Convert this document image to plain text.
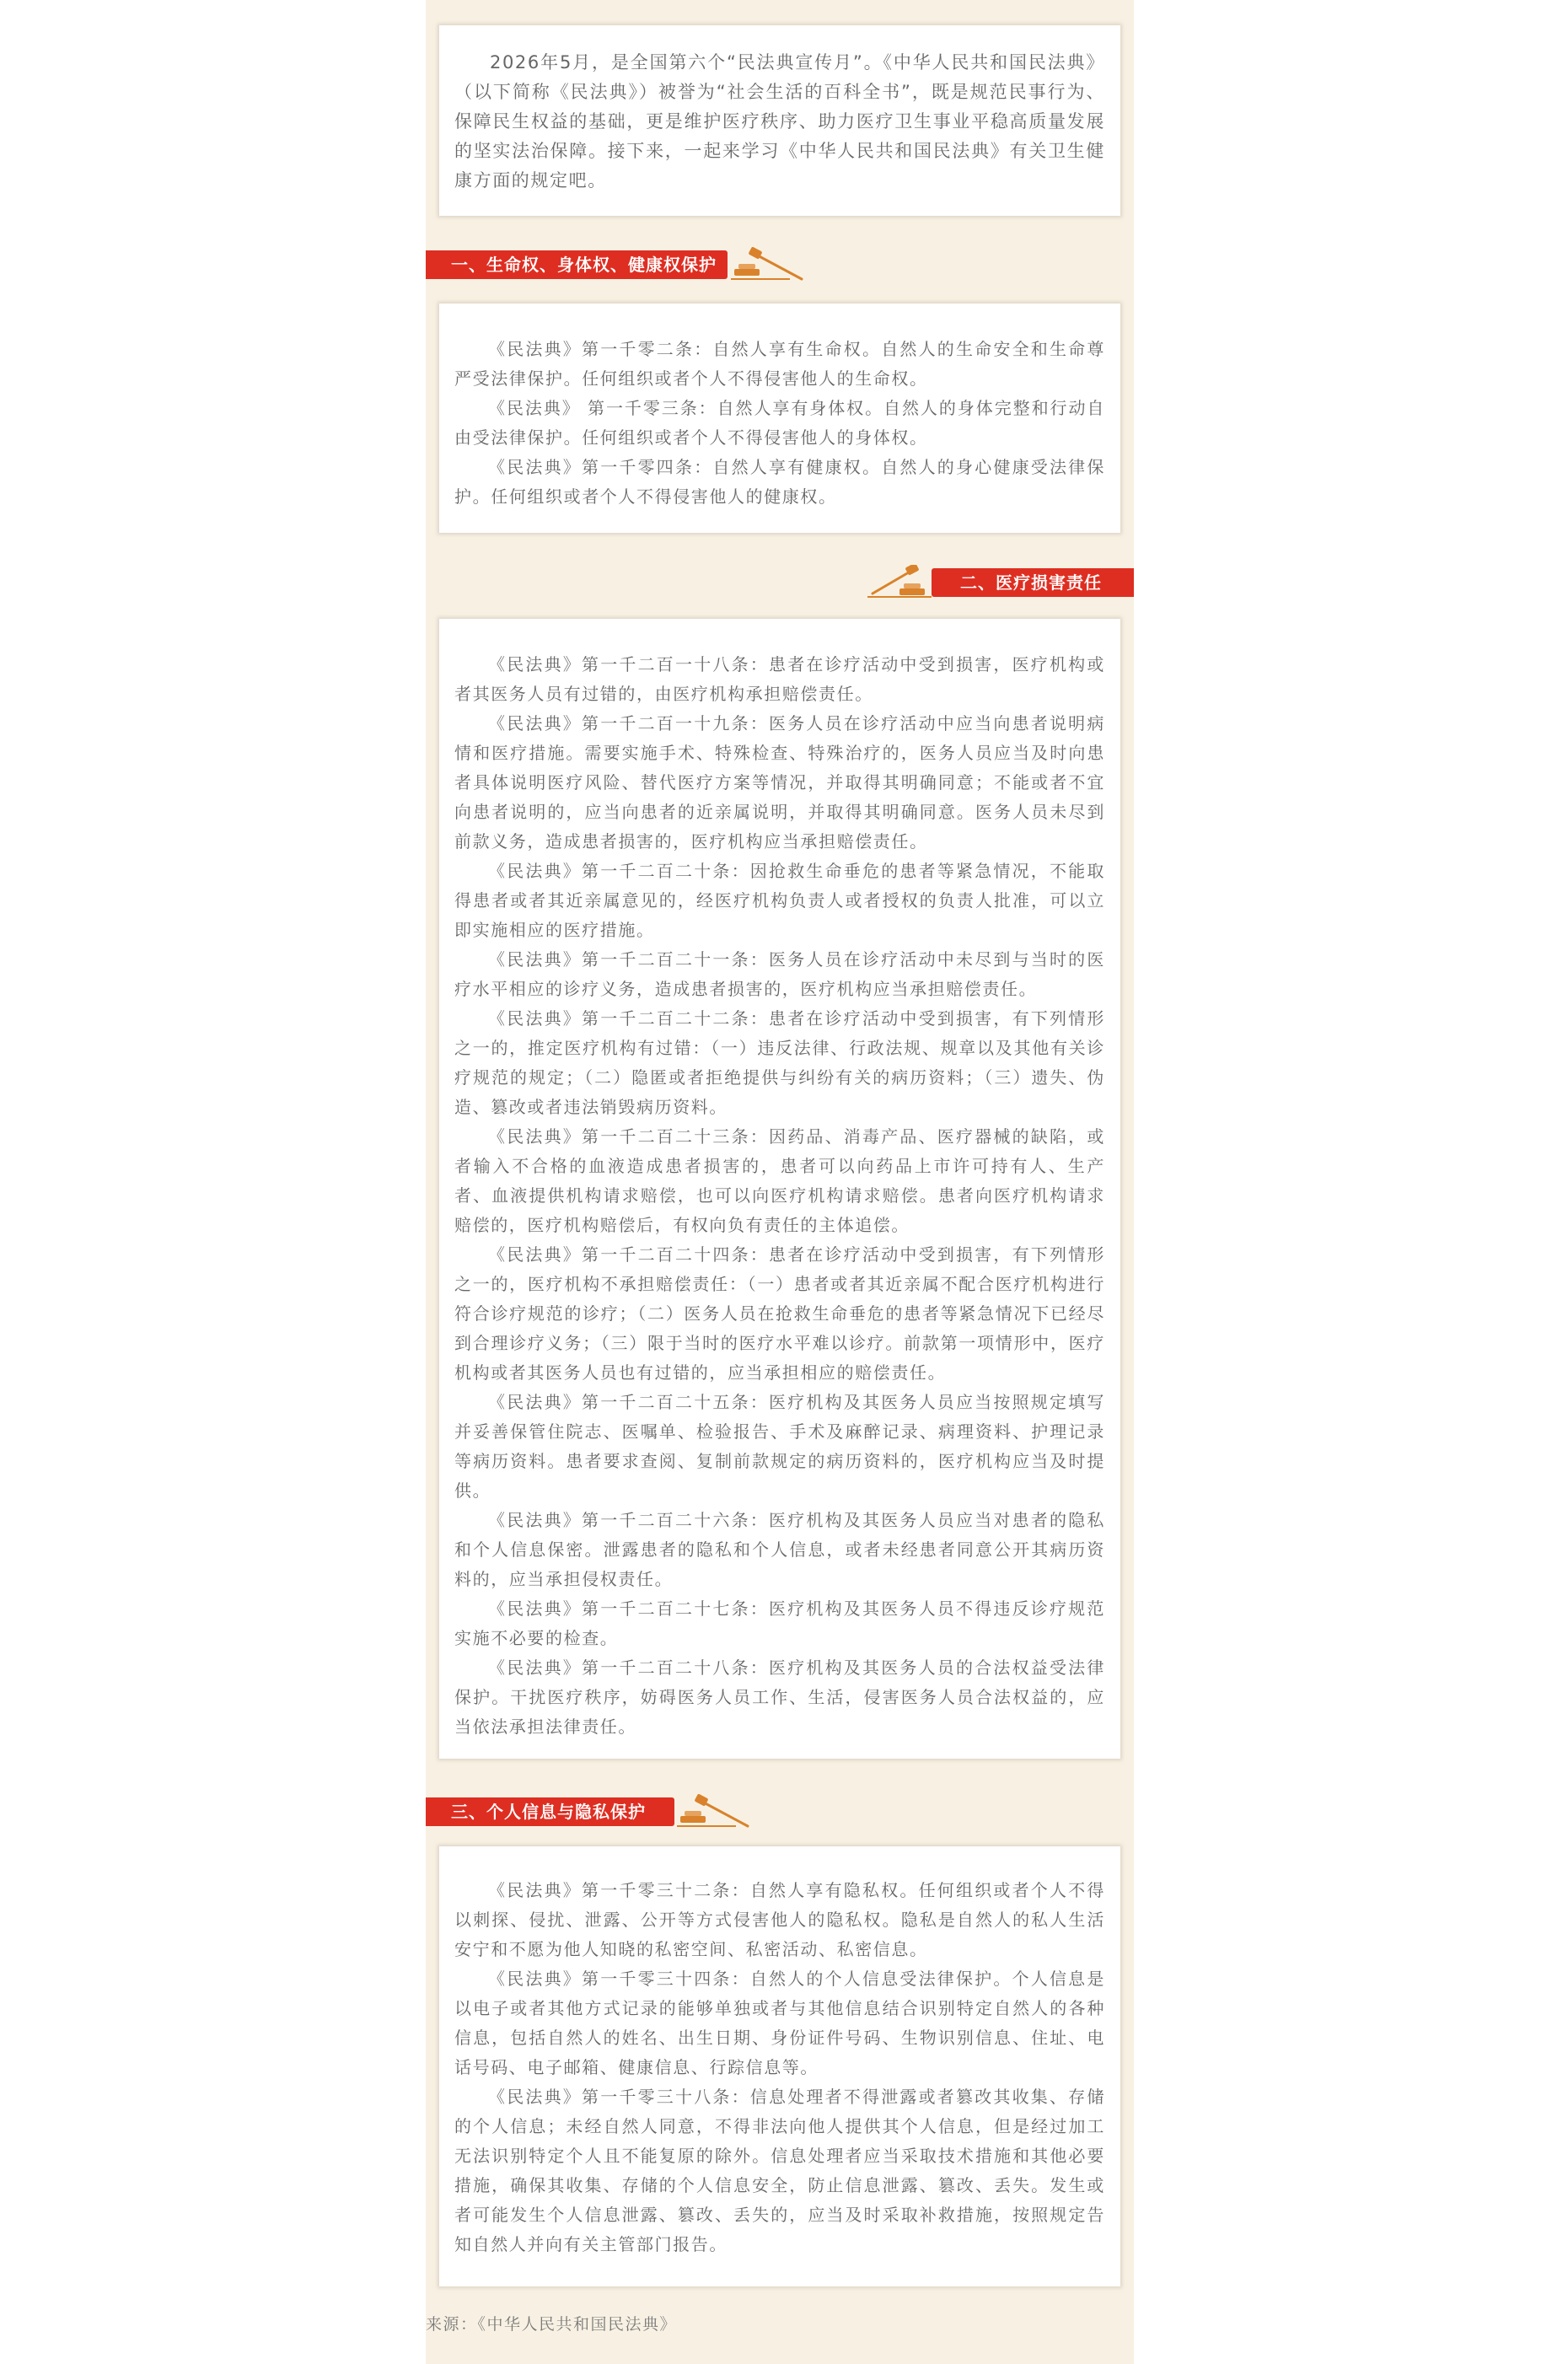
2026年5月，是全国第六个“民法典宣传月”。《中华人民共和国民法典》（以下简称《民法典》）被誉为“社会生活的百科全书”，既是规范民事行为、保障民生权益的基础，更是维护医疗秩序、助力医疗卫生事业平稳高质量发展的坚实法治保障。接下来，一起来学习《中华人民共和国民法典》有关卫生健康方面的规定吧。

一、生命权、身体权、健康权保护

《民法典》第一千零二条：自然人享有生命权。自然人的生命安全和生命尊严受法律保护。任何组织或者个人不得侵害他人的生命权。

《民法典》 第一千零三条：自然人享有身体权。自然人的身体完整和行动自由受法律保护。任何组织或者个人不得侵害他人的身体权。

《民法典》第一千零四条：自然人享有健康权。自然人的身心健康受法律保护。任何组织或者个人不得侵害他人的健康权。

二、医疗损害责任

《民法典》第一千二百一十八条：患者在诊疗活动中受到损害，医疗机构或者其医务人员有过错的，由医疗机构承担赔偿责任。

《民法典》第一千二百一十九条：医务人员在诊疗活动中应当向患者说明病情和医疗措施。需要实施手术、特殊检查、特殊治疗的，医务人员应当及时向患者具体说明医疗风险、替代医疗方案等情况，并取得其明确同意；不能或者不宜向患者说明的，应当向患者的近亲属说明，并取得其明确同意。医务人员未尽到前款义务，造成患者损害的，医疗机构应当承担赔偿责任。

《民法典》第一千二百二十条：因抢救生命垂危的患者等紧急情况，不能取得患者或者其近亲属意见的，经医疗机构负责人或者授权的负责人批准，可以立即实施相应的医疗措施。

《民法典》第一千二百二十一条：医务人员在诊疗活动中未尽到与当时的医疗水平相应的诊疗义务，造成患者损害的，医疗机构应当承担赔偿责任。

《民法典》第一千二百二十二条：患者在诊疗活动中受到损害，有下列情形之一的，推定医疗机构有过错：（一）违反法律、行政法规、规章以及其他有关诊疗规范的规定；（二）隐匿或者拒绝提供与纠纷有关的病历资料；（三）遗失、伪造、篡改或者违法销毁病历资料。

《民法典》第一千二百二十三条：因药品、消毒产品、医疗器械的缺陷，或者输入不合格的血液造成患者损害的，患者可以向药品上市许可持有人、生产者、血液提供机构请求赔偿，也可以向医疗机构请求赔偿。患者向医疗机构请求赔偿的，医疗机构赔偿后，有权向负有责任的主体追偿。

《民法典》第一千二百二十四条：患者在诊疗活动中受到损害，有下列情形之一的，医疗机构不承担赔偿责任：（一）患者或者其近亲属不配合医疗机构进行符合诊疗规范的诊疗；（二）医务人员在抢救生命垂危的患者等紧急情况下已经尽到合理诊疗义务；（三）限于当时的医疗水平难以诊疗。前款第一项情形中，医疗机构或者其医务人员也有过错的，应当承担相应的赔偿责任。

《民法典》第一千二百二十五条：医疗机构及其医务人员应当按照规定填写并妥善保管住院志、医嘱单、检验报告、手术及麻醉记录、病理资料、护理记录等病历资料。患者要求查阅、复制前款规定的病历资料的，医疗机构应当及时提供。

《民法典》第一千二百二十六条：医疗机构及其医务人员应当对患者的隐私和个人信息保密。泄露患者的隐私和个人信息，或者未经患者同意公开其病历资料的，应当承担侵权责任。

《民法典》第一千二百二十七条：医疗机构及其医务人员不得违反诊疗规范实施不必要的检查。

《民法典》第一千二百二十八条：医疗机构及其医务人员的合法权益受法律保护。干扰医疗秩序，妨碍医务人员工作、生活，侵害医务人员合法权益的，应当依法承担法律责任。

三、个人信息与隐私保护

《民法典》第一千零三十二条：自然人享有隐私权。任何组织或者个人不得以刺探、侵扰、泄露、公开等方式侵害他人的隐私权。隐私是自然人的私人生活安宁和不愿为他人知晓的私密空间、私密活动、私密信息。

《民法典》第一千零三十四条：自然人的个人信息受法律保护。个人信息是以电子或者其他方式记录的能够单独或者与其他信息结合识别特定自然人的各种信息，包括自然人的姓名、出生日期、身份证件号码、生物识别信息、住址、电话号码、电子邮箱、健康信息、行踪信息等。

《民法典》第一千零三十八条：信息处理者不得泄露或者篡改其收集、存储的个人信息；未经自然人同意，不得非法向他人提供其个人信息，但是经过加工无法识别特定个人且不能复原的除外。信息处理者应当采取技术措施和其他必要措施，确保其收集、存储的个人信息安全，防止信息泄露、篡改、丢失。发生或者可能发生个人信息泄露、篡改、丢失的，应当及时采取补救措施，按照规定告知自然人并向有关主管部门报告。

来源：《中华人民共和国民法典》
